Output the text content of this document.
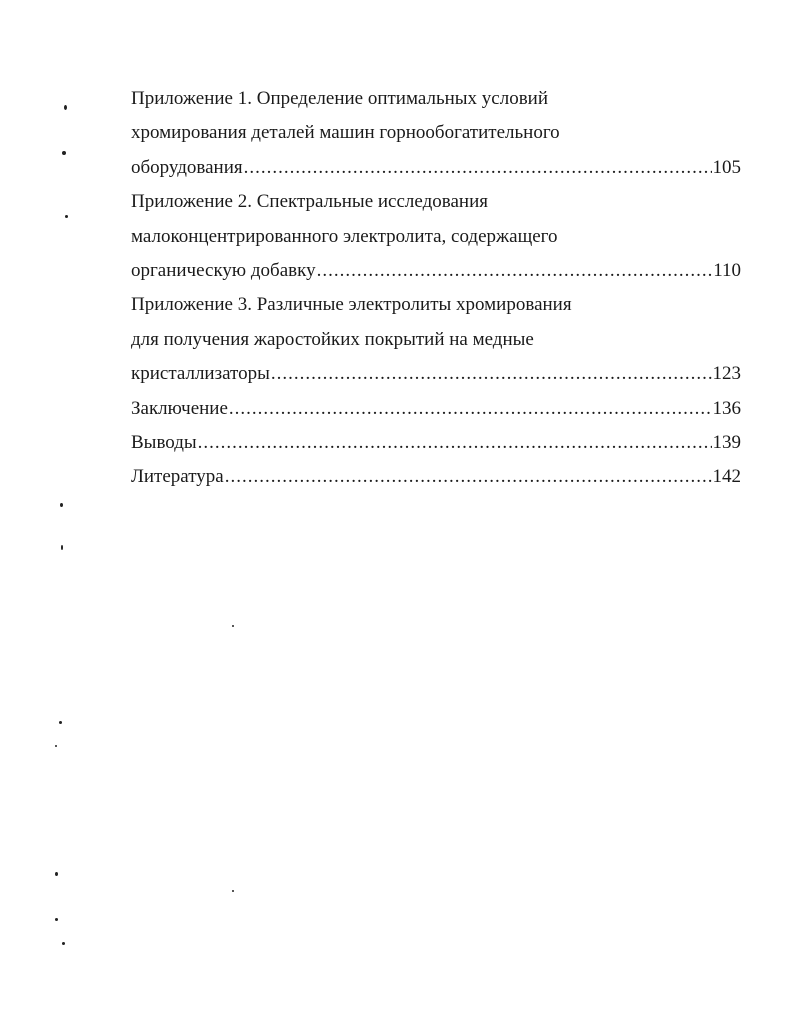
Приложение 1. Определение оптимальных условий
хромирования деталей машин горнообогатительного
оборудования .....	105
Приложение 2. Спектральные исследования
малоконцентрированного электролита, содержащего
органическую добавку .....	110
Приложение 3. Различные электролиты хромирования
для получения жаростойких покрытий на медные
кристаллизаторы .....	123
Заключение .....	136
Выводы .....	139
Литература .....	142
